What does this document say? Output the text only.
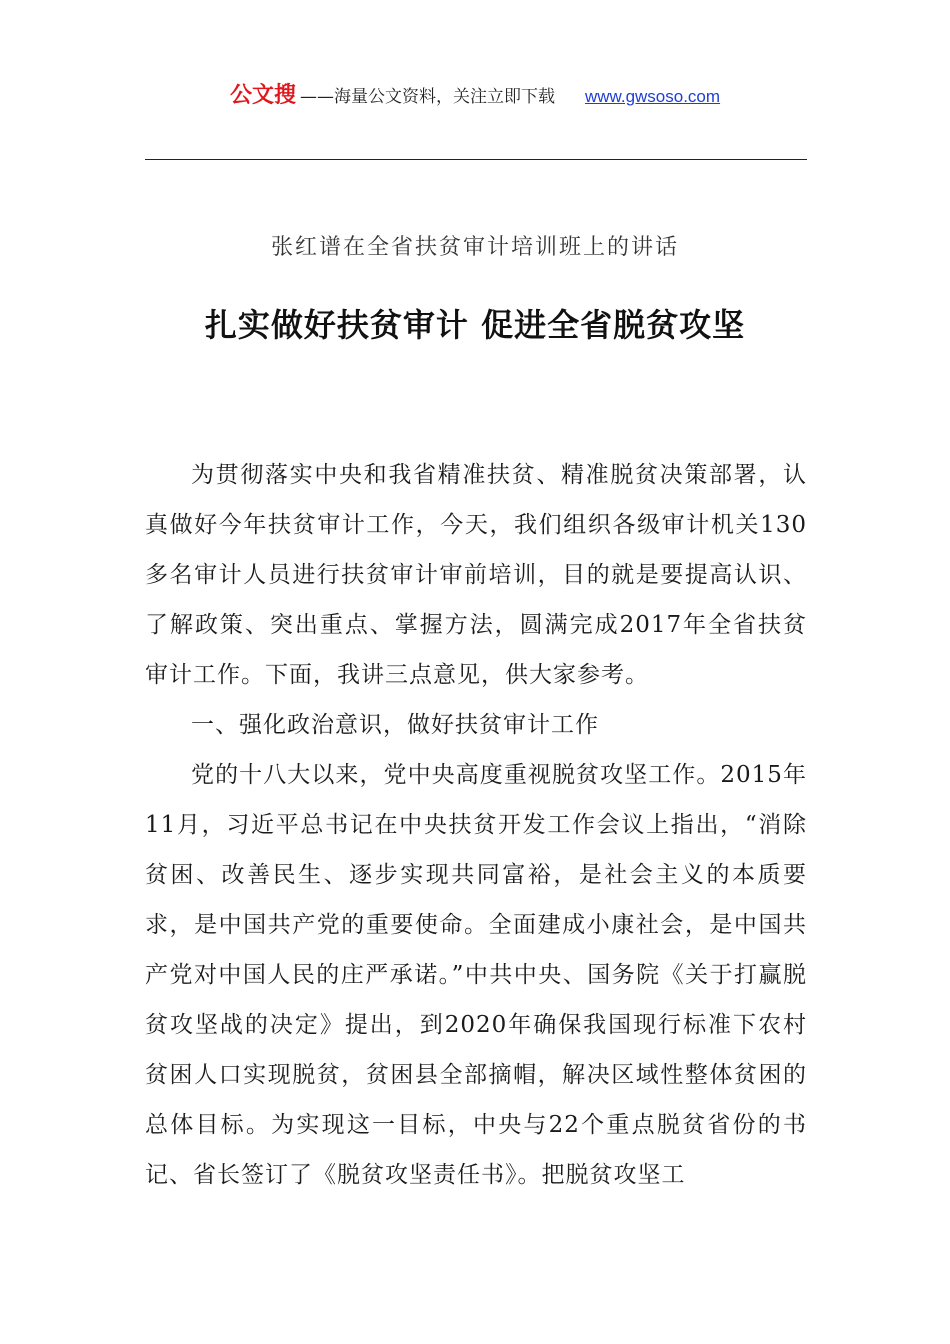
公文搜 ——海量公文资料，关注立即下载 www.gwsoso.com
张红谱在全省扶贫审计培训班上的讲话
扎实做好扶贫审计 促进全省脱贫攻坚

为贯彻落实中央和我省精准扶贫、精准脱贫决策部署，认真做好今年扶贫审计工作，今天，我们组织各级审计机关130多名审计人员进行扶贫审计审前培训，目的就是要提高认识、了解政策、突出重点、掌握方法，圆满完成2017年全省扶贫审计工作。下面，我讲三点意见，供大家参考。

一、强化政治意识，做好扶贫审计工作

党的十八大以来，党中央高度重视脱贫攻坚工作。2015年11月，习近平总书记在中央扶贫开发工作会议上指出，“消除贫困、改善民生、逐步实现共同富裕，是社会主义的本质要求，是中国共产党的重要使命。全面建成小康社会，是中国共产党对中国人民的庄严承诺。”中共中央、国务院《关于打赢脱贫攻坚战的决定》提出，到2020年确保我国现行标准下农村贫困人口实现脱贫，贫困县全部摘帽，解决区域性整体贫困的总体目标。为实现这一目标，中央与22个重点脱贫省份的书记、省长签订了《脱贫攻坚责任书》。把脱贫攻坚工
